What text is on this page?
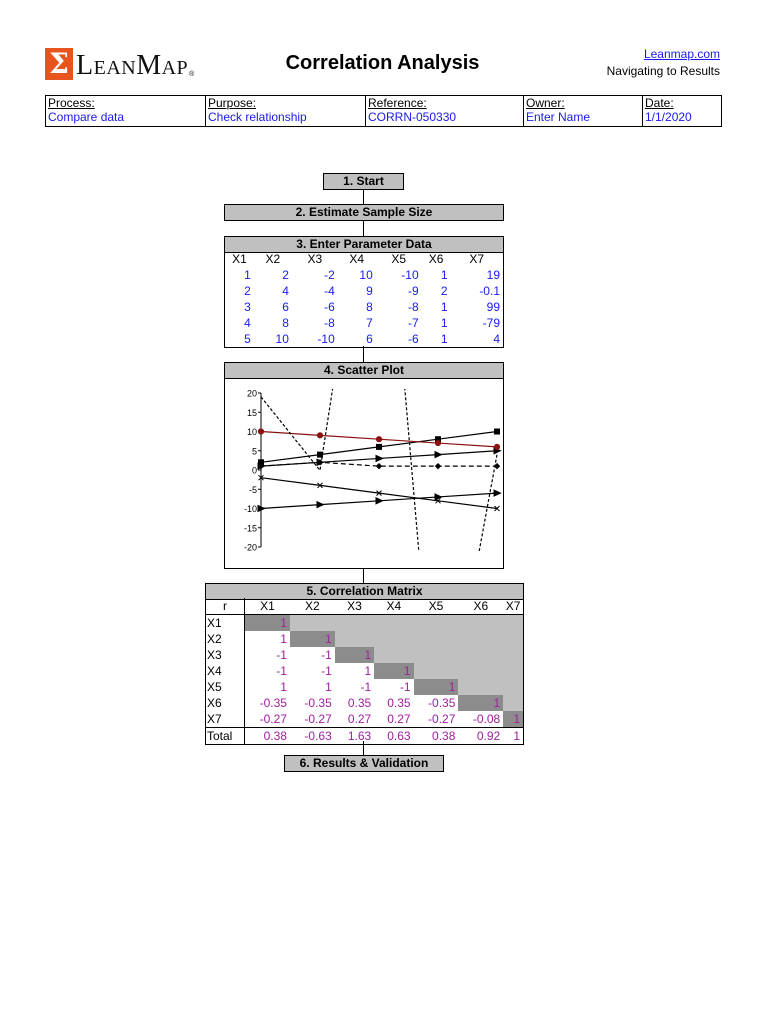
Σ LeanMap ®
Correlation Analysis	Leanmap.com
Navigating to Results
Process:
Compare data

Purpose:
Check relationship

Reference:
CORRN-050330

Owner:
Enter Name

Date:
1/1/2020
1. Start
2. Estimate Sample Size
3. Enter Parameter Data
4. Scatter Plot
5. Correlation Matrix
6. Results & Validation
X1	X2	X3	X4	X5	X6	X7
1	2	-2	10	-10	1	19
2	4	-4	9	-9	2	-0.1
3	6	-6	8	-8	1	99
4	8	-8	7	-7	1	-79
5	10	-10	6	-6	1	4
20
15
10
5
0
-5
-10
-15
-20
r	X1	X2	X3	X4	X5	X6	X7
X1	1						
X2	1	1					
X3	-1	-1	1				
X4	-1	-1	1	1			
X5	1	1	-1	-1	1		
X6	-0.35	-0.35	0.35	0.35	-0.35	1	
X7	-0.27	-0.27	0.27	0.27	-0.27	-0.08	1
Total	0.38	-0.63	1.63	0.63	0.38	0.92	1
